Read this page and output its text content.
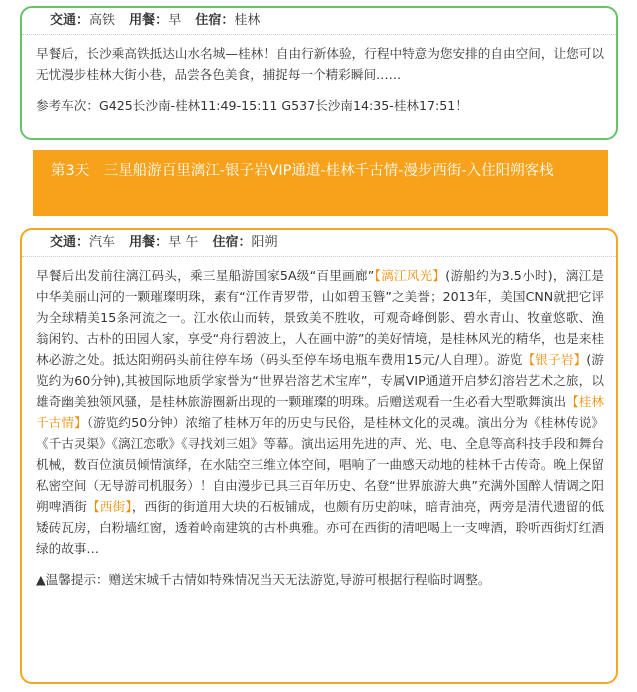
交通：高铁 用餐：早 住宿：桂林

早餐后，长沙乘高铁抵达山水名城—桂林！自由行新体验，行程中特意为您安排的自由空间，让您可以无忧漫步桂林大街小巷，品尝各色美食，捕捉每一个精彩瞬间……

参考车次：G425长沙南-桂林11:49-15:11 G537长沙南14:35-桂林17:51！

第3天　三星船游百里漓江-银子岩VIP通道-桂林千古情-漫步西街-入住阳朔客栈
交通：汽车 用餐：早 午 住宿：阳朔

早餐后出发前往漓江码头，乘三星船游国家5A级“百里画廊”【漓江风光】(游船约为3.5小时)，漓江是中华美丽山河的一颗璀璨明珠，素有“江作青罗带，山如碧玉簪”之美誉；2013年，美国CNN就把它评为全球精美15条河流之一。江水依山而转，景致美不胜收，可观奇峰倒影、碧水青山、牧童悠歌、渔翁闲钓、古朴的田园人家，享受“舟行碧波上，人在画中游”的美好情境，是桂林风光的精华，也是来桂林必游之处。抵达阳朔码头前往停车场（码头至停车场电瓶车费用15元/人自理）。游览【银子岩】(游览约为60分钟),其被国际地质学家誉为“世界岩溶艺术宝库”，专属VIP通道开启梦幻溶岩艺术之旅，以雄奇幽美独领风骚，是桂林旅游圈新出现的一颗璀璨的明珠。后赠送观看一生必看大型歌舞演出【桂林千古情】（游览约50分钟）浓缩了桂林万年的历史与民俗，是桂林文化的灵魂。演出分为《桂林传说》《千古灵渠》《漓江恋歌》《寻找刘三姐》等幕。演出运用先进的声、光、电、全息等高科技手段和舞台机械，数百位演员倾情演绎，在水陆空三维立体空间，唱响了一曲感天动地的桂林千古传奇。晚上保留私密空间（无导游司机服务）！自由漫步已具三百年历史、名登“世界旅游大典”充满外国醉人情调之阳朔啤酒街【西街】，西街的街道用大块的石板铺成，也颇有历史韵味，暗青油亮，两旁是清代遗留的低矮砖瓦房，白粉墙红窗，透着岭南建筑的古朴典雅。亦可在西街的清吧喝上一支啤酒，聆听西街灯红酒绿的故事…

▲温馨提示：赠送宋城千古情如特殊情况当天无法游览,导游可根据行程临时调整。
